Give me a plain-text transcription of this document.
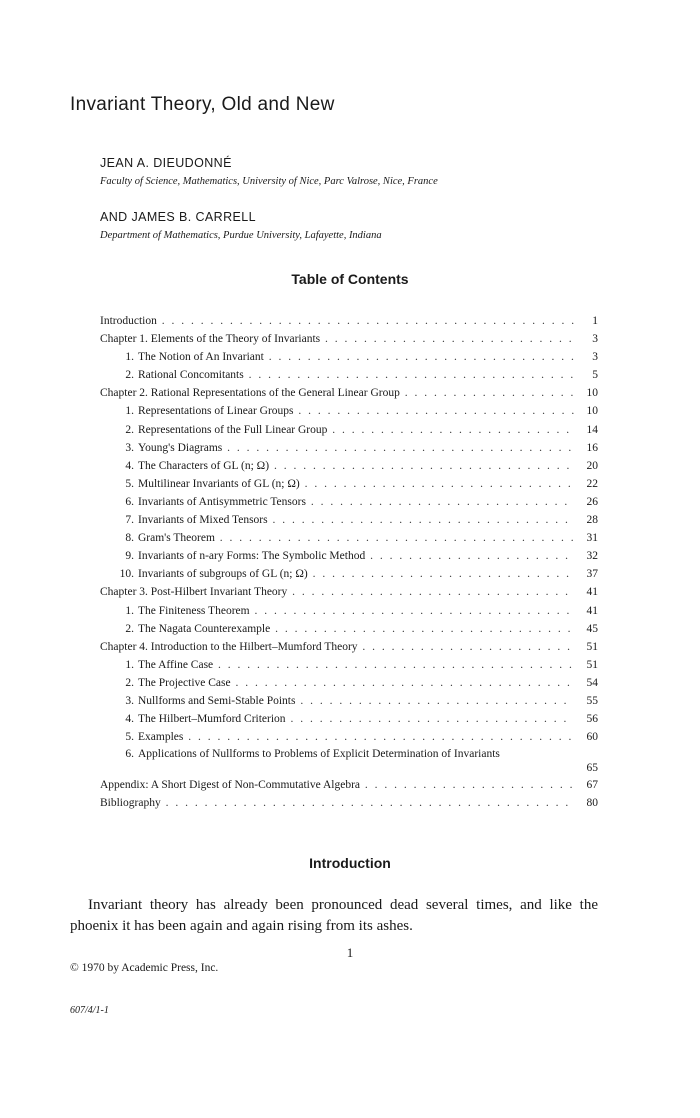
Invariant Theory, Old and New
JEAN A. DIEUDONNÉ
Faculty of Science, Mathematics, University of Nice, Parc Valrose, Nice, France
AND JAMES B. CARRELL
Department of Mathematics, Purdue University, Lafayette, Indiana
Table of Contents
Introduction . . .	1
Chapter 1. Elements of the Theory of Invariants . . .	3
1. The Notion of An Invariant . . .	3
2. Rational Concomitants . . .	5
Chapter 2. Rational Representations of the General Linear Group . . .	10
1. Representations of Linear Groups . . .	10
2. Representations of the Full Linear Group . . .	14
3. Young's Diagrams . . .	16
4. The Characters of GL (n; Ω) . . .	20
5. Multilinear Invariants of GL (n; Ω) . . .	22
6. Invariants of Antisymmetric Tensors . . .	26
7. Invariants of Mixed Tensors . . .	28
8. Gram's Theorem . . .	31
9. Invariants of n-ary Forms: The Symbolic Method . . .	32
10. Invariants of subgroups of GL (n; Ω) . . .	37
Chapter 3. Post-Hilbert Invariant Theory . . .	41
1. The Finiteness Theorem . . .	41
2. The Nagata Counterexample . . .	45
Chapter 4. Introduction to the Hilbert–Mumford Theory . . .	51
1. The Affine Case . . .	51
2. The Projective Case . . .	54
3. Nullforms and Semi-Stable Points . . .	55
4. The Hilbert–Mumford Criterion . . .	56
5. Examples . . .	60
6. Applications of Nullforms to Problems of Explicit Determination of Invariants
65
Appendix: A Short Digest of Non-Commutative Algebra . . .	67
Bibliography . . .	80
Introduction

Invariant theory has already been pronounced dead several times, and like the phoenix it has been again and again rising from its ashes.

1
© 1970 by Academic Press, Inc.
607/4/1-1
